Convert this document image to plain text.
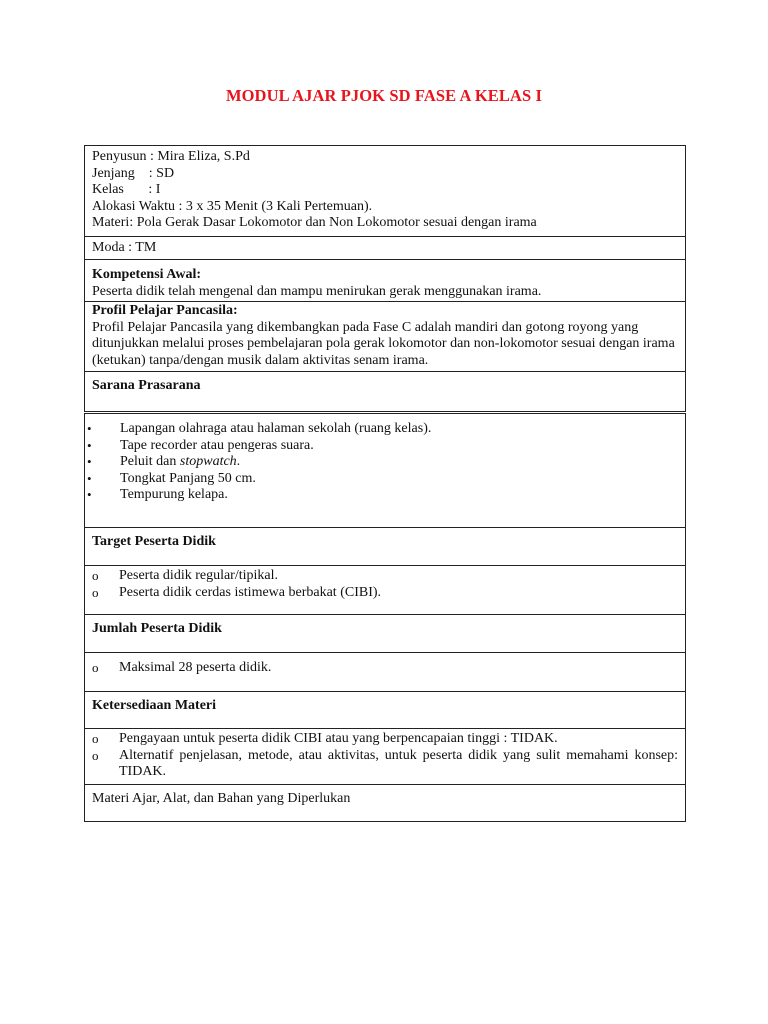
MODUL AJAR PJOK SD FASE A KELAS I
Penyusun : Mira Eliza, S.Pd
Jenjang    : SD
Kelas       : I
Alokasi Waktu : 3 x 35 Menit (3 Kali Pertemuan).
Materi: Pola Gerak Dasar Lokomotor dan Non Lokomotor sesuai dengan irama
Moda : TM

Kompetensi Awal:
Peserta didik telah mengenal dan mampu menirukan gerak menggunakan irama.

Profil Pelajar Pancasila:
Profil Pelajar Pancasila yang dikembangkan pada Fase C adalah mandiri dan gotong royong yang ditunjukkan melalui proses pembelajaran pola gerak lokomotor dan non-lokomotor sesuai dengan irama (ketukan) tanpa/dengan musik dalam aktivitas senam irama.

Sarana Prasarana

• Lapangan olahraga atau halaman sekolah (ruang kelas).
• Tape recorder atau pengeras suara.
• Peluit dan stopwatch.
• Tongkat Panjang 50 cm.
• Tempurung kelapa.

Target Peserta Didik

o Peserta didik regular/tipikal.
o Peserta didik cerdas istimewa berbakat (CIBI).

Jumlah Peserta Didik

o Maksimal 28 peserta didik.

Ketersediaan Materi

o Pengayaan untuk peserta didik CIBI atau yang berpencapaian tinggi : TIDAK.
o Alternatif penjelasan, metode, atau aktivitas, untuk peserta didik yang sulit memahami konsep: TIDAK.

Materi Ajar, Alat, dan Bahan yang Diperlukan
